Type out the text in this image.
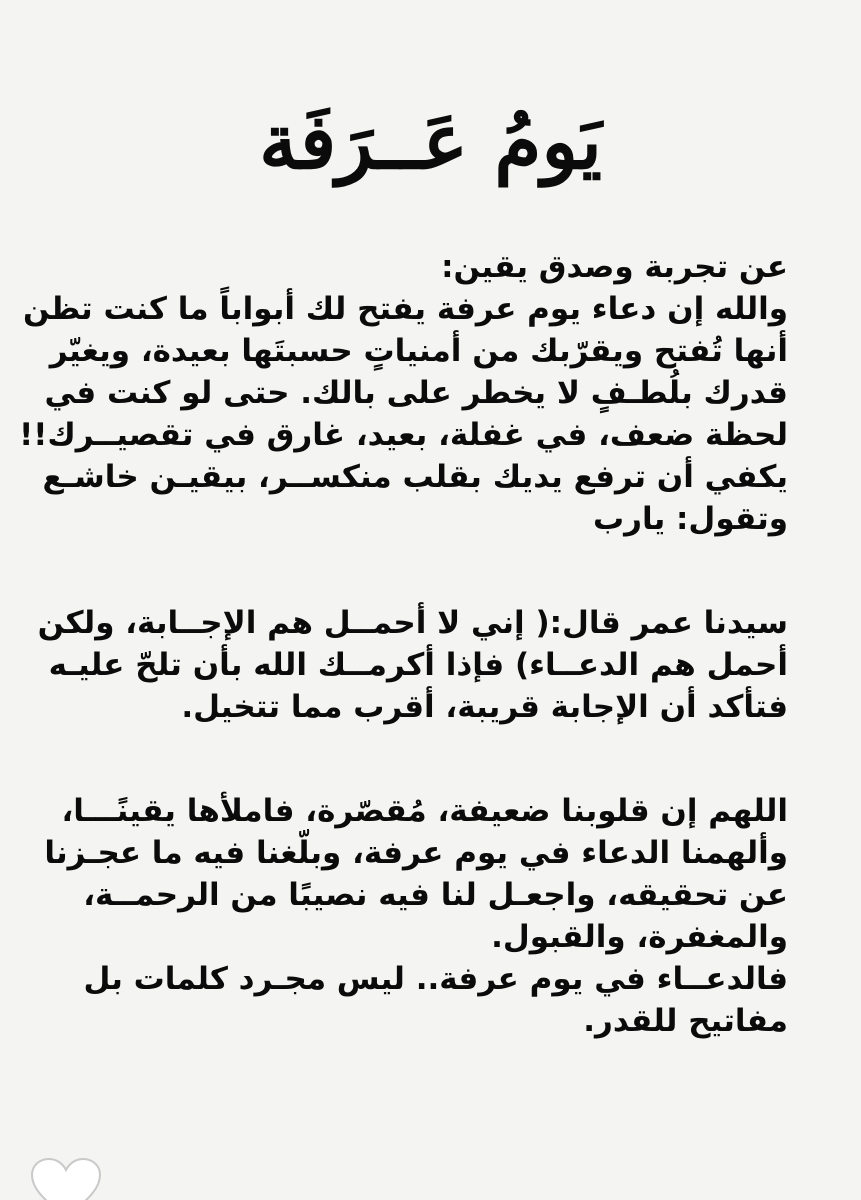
يَومُ عَــرَفَة
عن تجربة وصدق يقين:
والله إن دعاء يوم عرفة يفتح لك أبواباً ما كنت تظن
أنها تُفتح ويقرّبك من أمنياتٍ حسبتَها بعيدة، ويغيّر
قدرك بلُطـفٍ لا يخطر على بالك. حتى لو كنت في
لحظة ضعف، في غفلة، بعيد، غارق في تقصيــرك!!
يكفي أن ترفع يديك بقلب منكســر، بيقيـن خاشـع
وتقول: يارب
سيدنا عمر قال:( إني لا أحمــل هم الإجــابة، ولكن
أحمل هم الدعــاء) فإذا أكرمــك الله بأن تلحّ عليـه
فتأكد أن الإجابة قريبة، أقرب مما تتخيل.
اللهم إن قلوبنا ضعيفة، مُقصّرة، فاملأها يقينًـــا،
وألهمنا الدعاء في يوم عرفة، وبلّغنا فيه ما عجـزنا
عن تحقيقه، واجعـل لنا فيه نصيبًا من الرحمــة،
والمغفرة، والقبول.
فالدعــاء في يوم عرفة.. ليس مجـرد كلمات بل
مفاتيح للقدر.
